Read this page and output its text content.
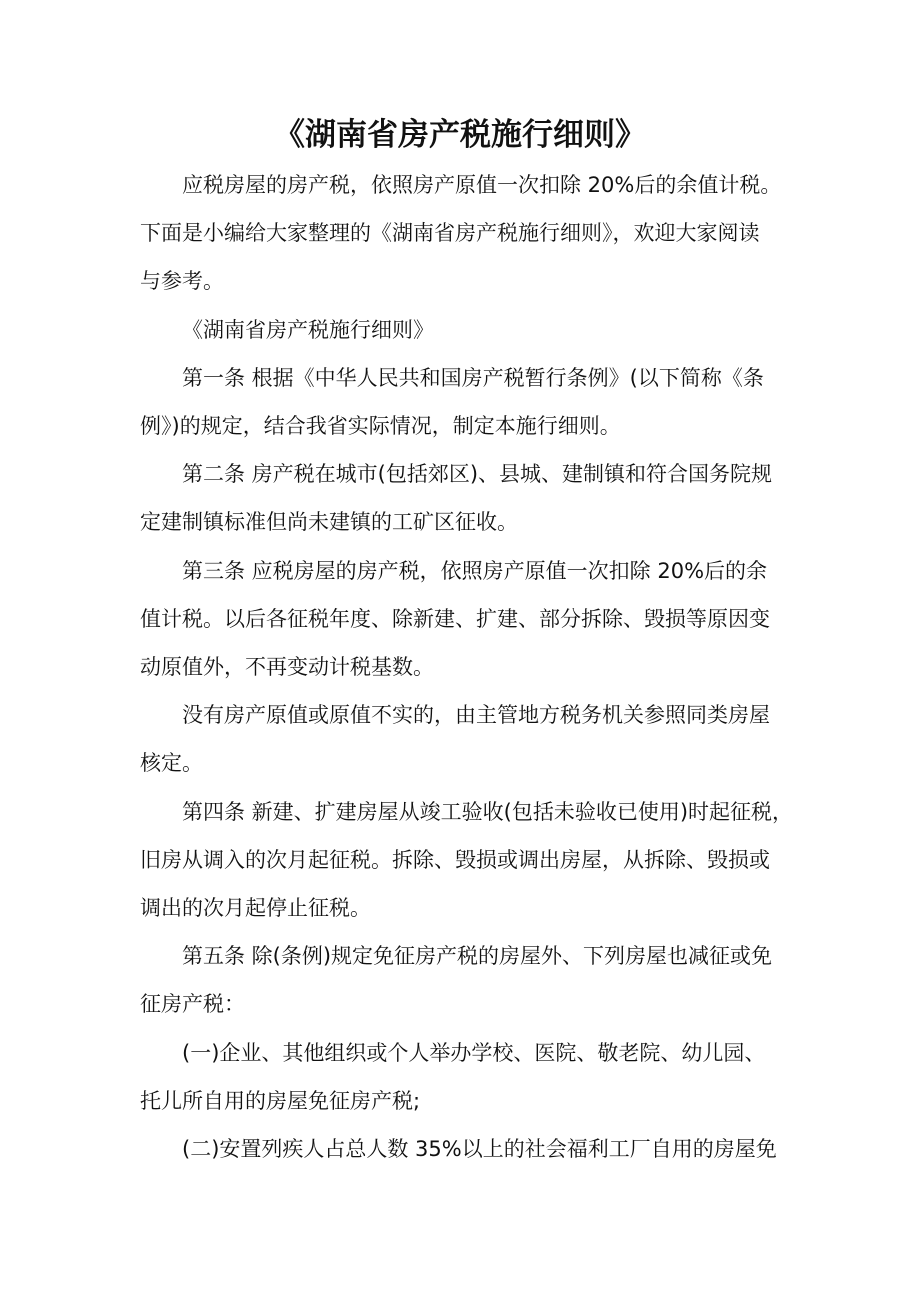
《湖南省房产税施行细则》
应税房屋的房产税，依照房产原值一次扣除 20%后的余值计税。
下面是小编给大家整理的《湖南省房产税施行细则》，欢迎大家阅读
与参考。
《湖南省房产税施行细则》
第一条 根据《中华人民共和国房产税暂行条例》(以下简称《条
例》)的规定，结合我省实际情况，制定本施行细则。
第二条 房产税在城市(包括郊区)、县城、建制镇和符合国务院规
定建制镇标准但尚未建镇的工矿区征收。
第三条 应税房屋的房产税，依照房产原值一次扣除 20%后的余
值计税。以后各征税年度、除新建、扩建、部分拆除、毁损等原因变
动原值外，不再变动计税基数。
没有房产原值或原值不实的，由主管地方税务机关参照同类房屋
核定。
第四条 新建、扩建房屋从竣工验收(包括未验收已使用)时起征税，
旧房从调入的次月起征税。拆除、毁损或调出房屋，从拆除、毁损或
调出的次月起停止征税。
第五条 除(条例)规定免征房产税的房屋外、下列房屋也减征或免
征房产税：
(一)企业、其他组织或个人举办学校、医院、敬老院、幼儿园、
托儿所自用的房屋免征房产税;
(二)安置列疾人占总人数 35%以上的社会福利工厂自用的房屋免
